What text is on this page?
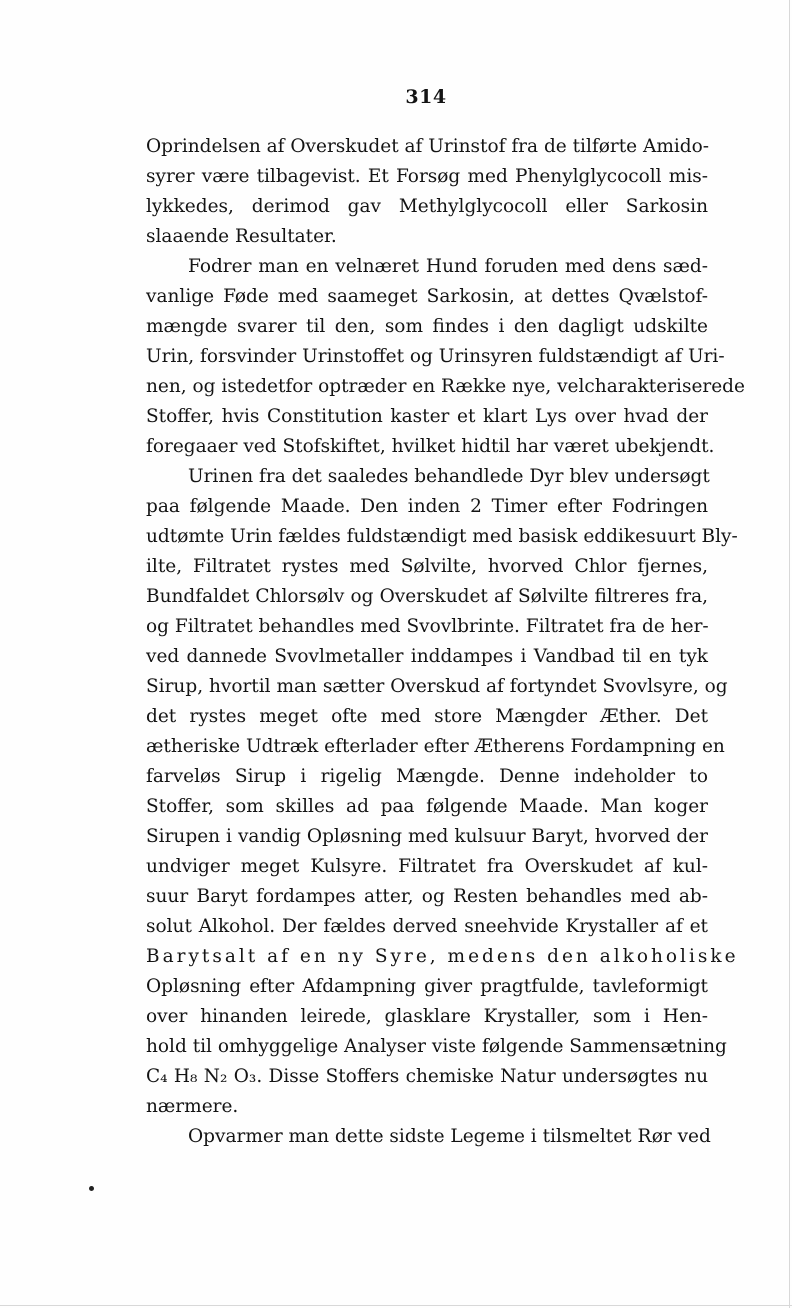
314
Oprindelsen af Overskudet af Urinstof fra de tilførte Amido-
syrer være tilbagevist. Et Forsøg med Phenylglycocoll mis-
lykkedes, derimod gav Methylglycocoll eller Sarkosin
slaaende Resultater.
Fodrer man en velnæret Hund foruden med dens sæd-
vanlige Føde med saameget Sarkosin, at dettes Qvælstof-
mængde svarer til den, som findes i den dagligt udskilte
Urin, forsvinder Urinstoffet og Urinsyren fuldstændigt af Uri-
nen, og istedetfor optræder en Række nye, velcharakteriserede
Stoffer, hvis Constitution kaster et klart Lys over hvad der
foregaaer ved Stofskiftet, hvilket hidtil har været ubekjendt.
Urinen fra det saaledes behandlede Dyr blev undersøgt
paa følgende Maade. Den inden 2 Timer efter Fodringen
udtømte Urin fældes fuldstændigt med basisk eddikesuurt Bly-
ilte, Filtratet rystes med Sølvilte, hvorved Chlor fjernes,
Bundfaldet Chlorsølv og Overskudet af Sølvilte filtreres fra,
og Filtratet behandles med Svovlbrinte. Filtratet fra de her-
ved dannede Svovlmetaller inddampes i Vandbad til en tyk
Sirup, hvortil man sætter Overskud af fortyndet Svovlsyre, og
det rystes meget ofte med store Mængder Æther. Det
ætheriske Udtræk efterlader efter Ætherens Fordampning en
farveløs Sirup i rigelig Mængde. Denne indeholder to
Stoffer, som skilles ad paa følgende Maade. Man koger
Sirupen i vandig Opløsning med kulsuur Baryt, hvorved der
undviger meget Kulsyre. Filtratet fra Overskudet af kul-
suur Baryt fordampes atter, og Resten behandles med ab-
solut Alkohol. Der fældes derved sneehvide Krystaller af et
Barytsalt af en ny Syre, medens den alkoholiske
Opløsning efter Afdampning giver pragtfulde, tavleformigt
over hinanden leirede, glasklare Krystaller, som i Hen-
hold til omhyggelige Analyser viste følgende Sammensætning
C₄ H₈ N₂ O₃. Disse Stoffers chemiske Natur undersøgtes nu
nærmere.
Opvarmer man dette sidste Legeme i tilsmeltet Rør ved
